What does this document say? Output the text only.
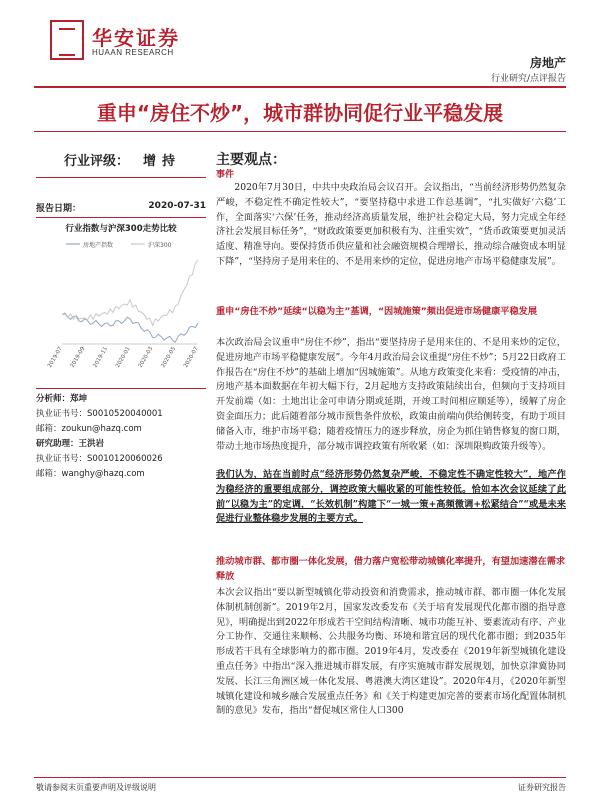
华安证券
HUAAN RESEARCH
房地产
行业研究/点评报告
重申“房住不炒”，城市群协同促行业平稳发展
行业评级： 增持
报告日期：	2020-07-31
行业指数与沪深300走势比较
房地产指数	沪深300
2019-07 2019-09 2019-11 2020-01 2020-03 2020-05 2020-07
分析师：郑坤
执业证书号：S0010520040001
邮箱：zoukun@hazq.com
研究助理：王洪岩
执业证书号：S0010120060026
邮箱：wanghy@hazq.com
主要观点：
事件
2020年7月30日，中共中央政治局会议召开。会议指出，“当前经济形势仍然复杂严峻，不稳定性不确定性较大”，“要坚持稳中求进工作总基调”，“扎实做好‘六稳’工作，全面落实‘六保’任务，推动经济高质量发展，维护社会稳定大局，努力完成全年经济社会发展目标任务”，“财政政策要更加积极有为、注重实效”，“货币政策要更加灵活适度、精准导向。要保持货币供应量和社会融资规模合理增长，推动综合融资成本明显下降”，“坚持房子是用来住的、不是用来炒的定位，促进房地产市场平稳健康发展”。
重申“房住不炒”延续“以稳为主”基调，“因城施策”频出促进市场健康平稳发展
本次政治局会议重申“房住不炒”，指出“要坚持房子是用来住的、不是用来炒的定位，促进房地产市场平稳健康发展”。今年4月政治局会议重提“房住不炒”；5月22日政府工作报告在“房住不炒”的基础上增加“因城施策”。从地方政策变化来看：受疫情的冲击，房地产基本面数据在年初大幅下行，2月起地方支持政策陆续出台，但频向于支持项目开发前端（如：土地出让金可申请分期或延期，开竣工时间相应顺延等），缓解了房企资金面压力；此后随着部分城市预售条件放松，政策由前端向供给侧转变，有助于项目储备入市，维护市场平稳；随着疫情压力的逐步释放，房企为抓住销售修复的窗口期，带动土地市场热度提升，部分城市调控政策有所收紧（如：深圳限购政策升级等）。
我们认为，站在当前时点“经济形势仍然复杂严峻，不稳定性不确定性较大”，地产作为稳经济的重要组成部分，调控政策大幅收紧的可能性较低。恰如本次会议延续了此前“以稳为主”的定调，“长效机制”构建下“一城一策+高频微调+松紧结合”“或是未来促进行业整体稳步发展的主要方式。
推动城市群、都市圈一体化发展，借力落户宽松带动城镇化率提升，有望加速潜在需求释放
本次会议指出“要以新型城镇化带动投资和消费需求，推动城市群、都市圈一体化发展体制机制创新”。2019年2月，国家发改委发布《关于培育发展现代化都市圈的指导意见》，明确提出到2022年形成若干空间结构清晰、城市功能互补、要素流动有序、产业分工协作、交通往来顺畅、公共服务均衡、环境和谐宜居的现代化都市圈；到2035年形成若干具有全球影响力的都市圈。2019年4月，发改委在《2019年新型城镇化建设重点任务》中指出“深入推进城市群发展，有序实施城市群发展规划，加快京津冀协同发展、长江三角洲区域一体化发展、粤港澳大湾区建设”。2020年4月，《2020年新型城镇化建设和城乡融合发展重点任务》和《关于构建更加完善的要素市场化配置体制机制的意见》发布，指出“督促城区常住人口300
敬请参阅末页重要声明及评级说明	证券研究报告
